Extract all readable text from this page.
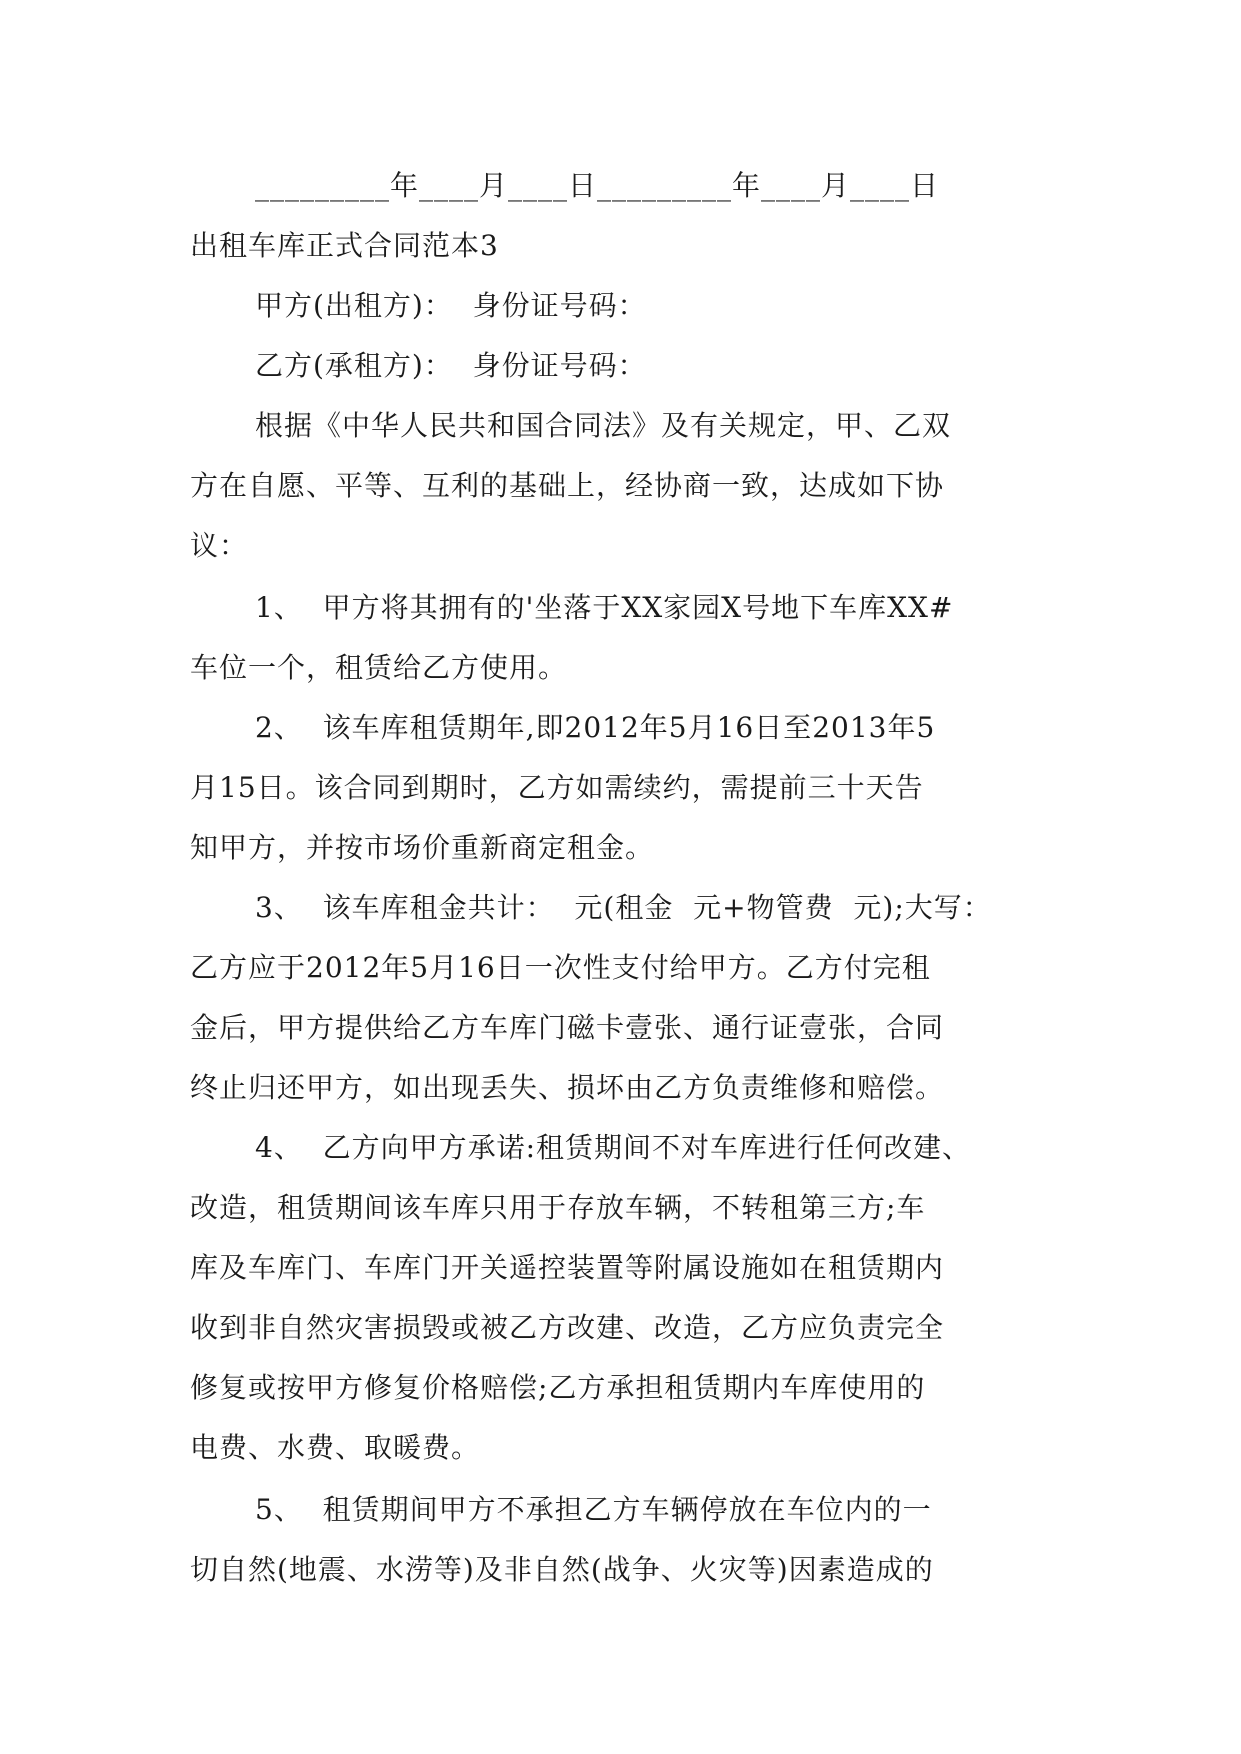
_________年____月____日_________年____月____日
出租车库正式合同范本3
甲方(出租方)：  身份证号码：
乙方(承租方)：  身份证号码：
根据《中华人民共和国合同法》及有关规定，甲、乙双
方在自愿、平等、互利的基础上，经协商一致，达成如下协
议：
1、  甲方将其拥有的'坐落于XX家园X号地下车库XX#
车位一个，租赁给乙方使用。
2、  该车库租赁期年,即2012年5月16日至2013年5
月15日。该合同到期时，乙方如需续约，需提前三十天告
知甲方，并按市场价重新商定租金。
3、  该车库租金共计：  元(租金  元+物管费  元);大写：
乙方应于2012年5月16日一次性支付给甲方。乙方付完租
金后，甲方提供给乙方车库门磁卡壹张、通行证壹张，合同
终止归还甲方，如出现丢失、损坏由乙方负责维修和赔偿。
4、  乙方向甲方承诺:租赁期间不对车库进行任何改建、
改造，租赁期间该车库只用于存放车辆，不转租第三方;车
库及车库门、车库门开关遥控装置等附属设施如在租赁期内
收到非自然灾害损毁或被乙方改建、改造，乙方应负责完全
修复或按甲方修复价格赔偿;乙方承担租赁期内车库使用的
电费、水费、取暖费。
5、  租赁期间甲方不承担乙方车辆停放在车位内的一
切自然(地震、水涝等)及非自然(战争、火灾等)因素造成的
